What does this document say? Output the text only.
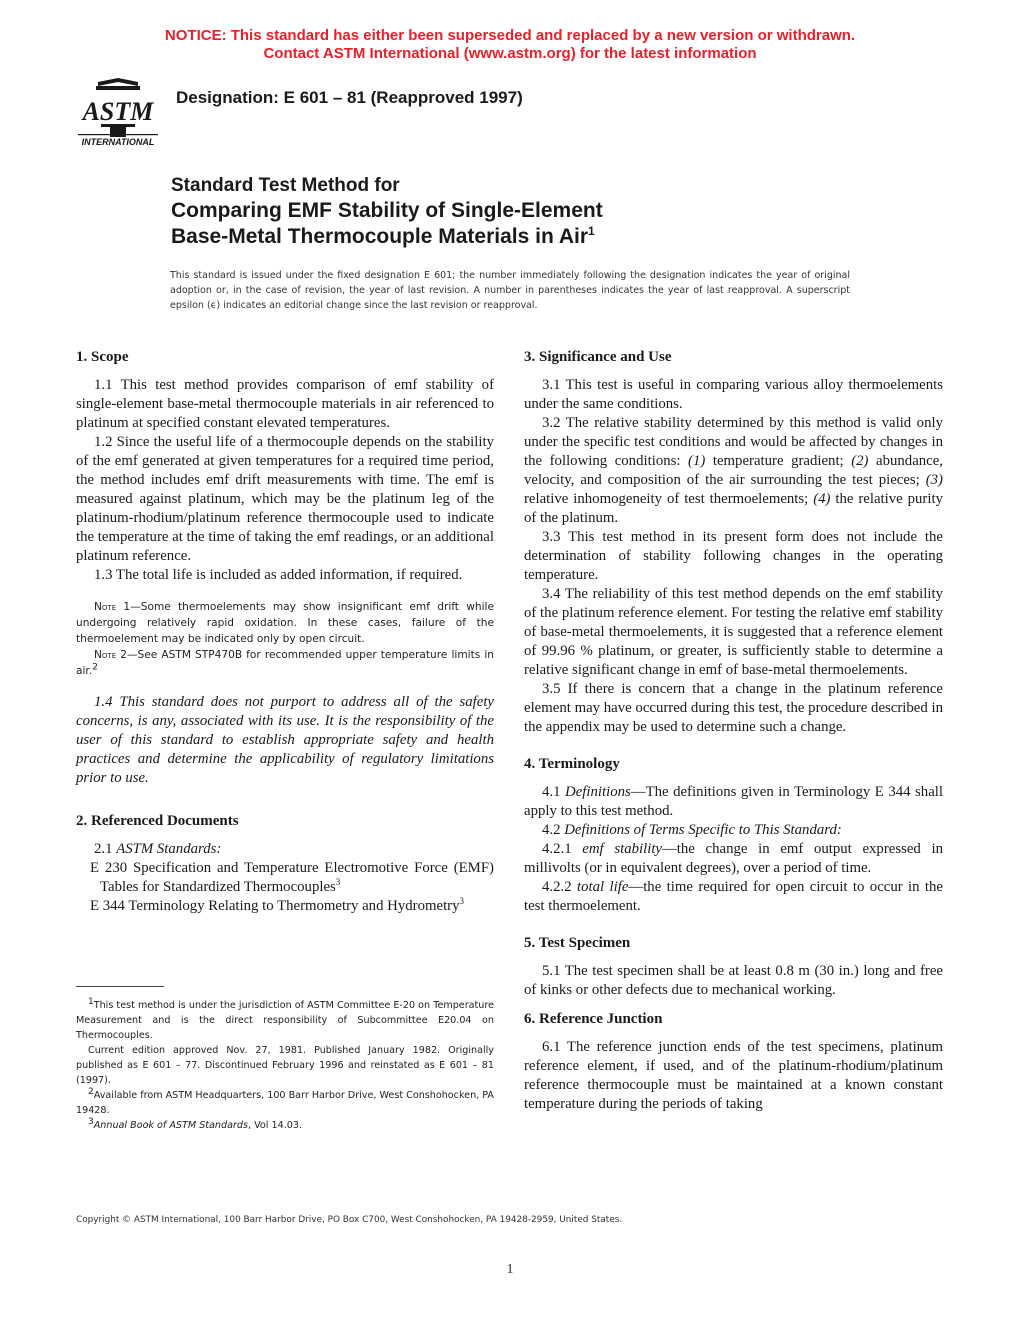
NOTICE: This standard has either been superseded and replaced by a new version or withdrawn.
Contact ASTM International (www.astm.org) for the latest information
ASTM
INTERNATIONAL
Designation: E 601 – 81 (Reapproved 1997)
Standard Test Method for
Comparing EMF Stability of Single-Element
Base-Metal Thermocouple Materials in Air$^1$
This standard is issued under the fixed designation E 601; the number immediately following the designation indicates the year of original adoption or, in the case of revision, the year of last revision. A number in parentheses indicates the year of last reapproval. A superscript epsilon (ϵ) indicates an editorial change since the last revision or reapproval.
1. Scope

1.1 This test method provides comparison of emf stability of single-element base-metal thermocouple materials in air referenced to platinum at specified constant elevated temperatures.

1.2 Since the useful life of a thermocouple depends on the stability of the emf generated at given temperatures for a required time period, the method includes emf drift measurements with time. The emf is measured against platinum, which may be the platinum leg of the platinum-rhodium/platinum reference thermocouple used to indicate the temperature at the time of taking the emf readings, or an additional platinum reference.

1.3 The total life is included as added information, if required.

Note 1—Some thermoelements may show insignificant emf drift while undergoing relatively rapid oxidation. In these cases, failure of the thermoelement may be indicated only by open circuit.

Note 2—See ASTM STP470B for recommended upper temperature limits in air.$^2$

1.4 This standard does not purport to address all of the safety concerns, is any, associated with its use. It is the responsibility of the user of this standard to establish appropriate safety and health practices and determine the applicability of regulatory limitations prior to use.

2. Referenced Documents

2.1 ASTM Standards:

E 230 Specification and Temperature Electromotive Force (EMF) Tables for Standardized Thermocouples$^3$

E 344 Terminology Relating to Thermometry and Hydrometry$^3$

$^1$This test method is under the jurisdiction of ASTM Committee E-20 on Temperature Measurement and is the direct responsibility of Subcommittee E20.04 on Thermocouples.

Current edition approved Nov. 27, 1981. Published January 1982. Originally published as E 601 – 77. Discontinued February 1996 and reinstated as E 601 – 81 (1997).

$^2$Available from ASTM Headquarters, 100 Barr Harbor Drive, West Conshohocken, PA 19428.

$^3$Annual Book of ASTM Standards, Vol 14.03.

3. Significance and Use

3.1 This test is useful in comparing various alloy thermoelements under the same conditions.

3.2 The relative stability determined by this method is valid only under the specific test conditions and would be affected by changes in the following conditions: (1) temperature gradient; (2) abundance, velocity, and composition of the air surrounding the test pieces; (3) relative inhomogeneity of test thermoelements; (4) the relative purity of the platinum.

3.3 This test method in its present form does not include the determination of stability following changes in the operating temperature.

3.4 The reliability of this test method depends on the emf stability of the platinum reference element. For testing the relative emf stability of base-metal thermoelements, it is suggested that a reference element of 99.96 % platinum, or greater, is sufficiently stable to determine a relative significant change in emf of base-metal thermoelements.

3.5 If there is concern that a change in the platinum reference element may have occurred during this test, the procedure described in the appendix may be used to determine such a change.

4. Terminology

4.1 Definitions—The definitions given in Terminology E 344 shall apply to this test method.

4.2 Definitions of Terms Specific to This Standard:

4.2.1 emf stability—the change in emf output expressed in millivolts (or in equivalent degrees), over a period of time.

4.2.2 total life—the time required for open circuit to occur in the test thermoelement.

5. Test Specimen

5.1 The test specimen shall be at least 0.8 m (30 in.) long and free of kinks or other defects due to mechanical working.

6. Reference Junction

6.1 The reference junction ends of the test specimens, platinum reference element, if used, and of the platinum-rhodium/platinum reference thermocouple must be maintained at a known constant temperature during the periods of taking

Copyright © ASTM International, 100 Barr Harbor Drive, PO Box C700, West Conshohocken, PA 19428-2959, United States.
1
